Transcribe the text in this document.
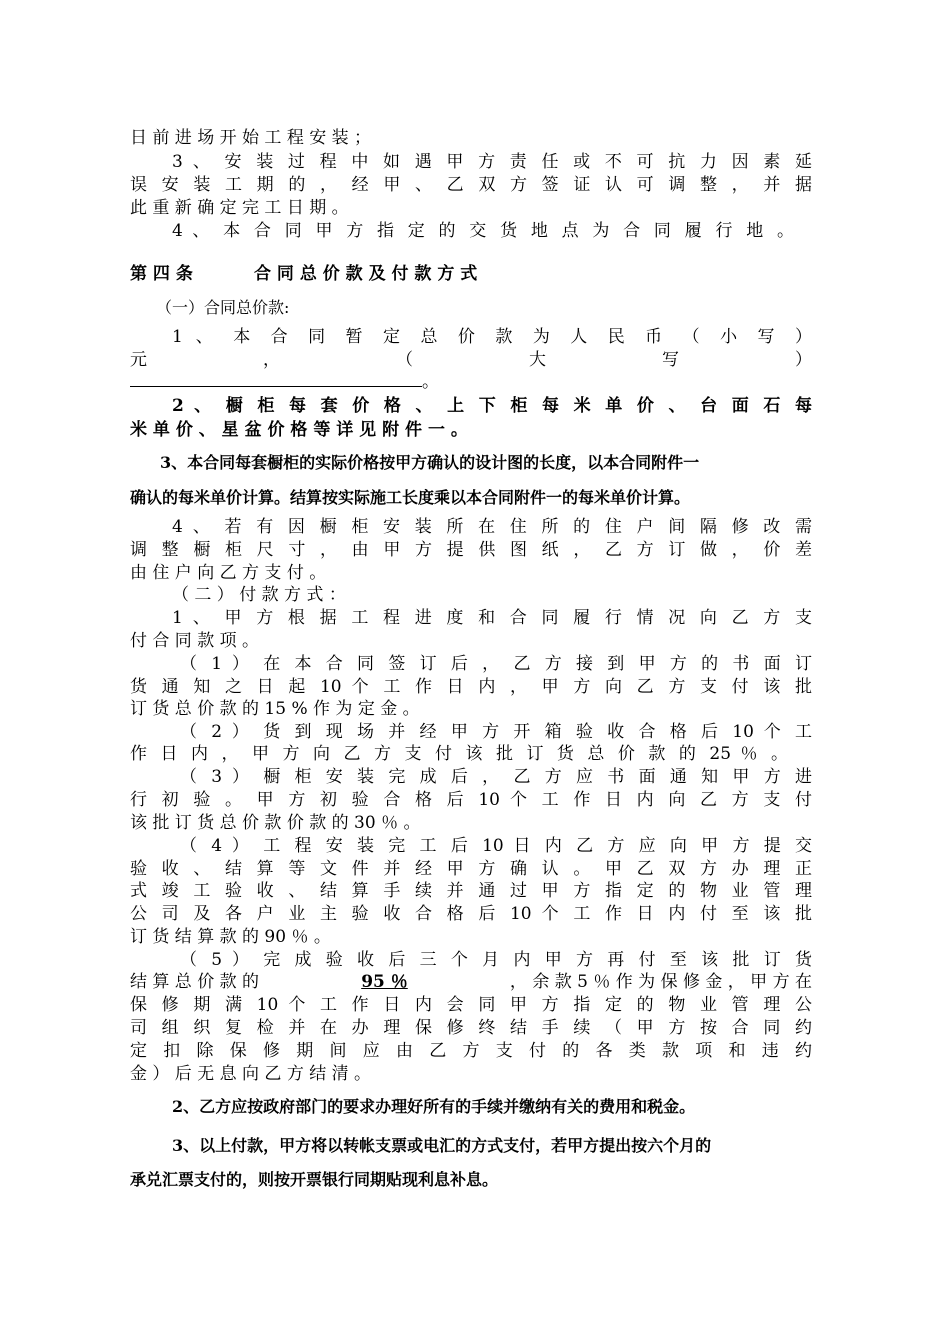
日 前 进 场 开 始 工 程 安 装 ；
3 、 安 装 过 程 中 如 遇 甲 方 责 任 或 不 可 抗 力 因 素 延
误 安 装 工 期 的 ， 经 甲 、 乙 双 方 签 证 认 可 调 整 ， 并 据
此 重 新 确 定 完 工 日 期 。
4 、 本 合 同 甲 方 指 定 的 交 货 地 点 为 合 同 履 行 地 。
第 四 条	合 同 总 价 款 及 付 款 方 式
（一）合同总价款:
1 、 本 合 同 暂 定 总 价 款 为 人 民 币 （ 小 写 ）
元 ， （ 大 写 ）
。
2 、 橱 柜 每 套 价 格 、 上 下 柜 每 米 单 价 、 台 面 石 每
米 单 价 、 星 盆 价 格 等 详 见 附 件 一 。
3、本合同每套橱柜的实际价格按甲方确认的设计图的长度，以本合同附件一
确认的每米单价计算。结算按实际施工长度乘以本合同附件一的每米单价计算。
4 、 若 有 因 橱 柜 安 装 所 在 住 所 的 住 户 间 隔 修 改 需
调 整 橱 柜 尺 寸 ， 由 甲 方 提 供 图 纸 ， 乙 方 订 做 ， 价 差
由 住 户 向 乙 方 支 付 。
（ 二 ） 付 款 方 式 ：
1 、 甲 方 根 据 工 程 进 度 和 合 同 履 行 情 况 向 乙 方 支
付 合 同 款 项 。
（ 1 ） 在 本 合 同 签 订 后 ， 乙 方 接 到 甲 方 的 书 面 订
货 通 知 之 日 起 10 个 工 作 日 内 ， 甲 方 向 乙 方 支 付 该 批
订 货 总 价 款 的 15 % 作 为 定 金 。
（ 2 ） 货 到 现 场 并 经 甲 方 开 箱 验 收 合 格 后 10 个 工
作 日 内 ， 甲 方 向 乙 方 支 付 该 批 订 货 总 价 款 的 25 ％ 。
（ 3 ） 橱 柜 安 装 完 成 后 ， 乙 方 应 书 面 通 知 甲 方 进
行 初 验 。 甲 方 初 验 合 格 后 10 个 工 作 日 内 向 乙 方 支 付
该 批 订 货 总 价 款 价 款 的 30 ％ 。
（ 4 ） 工 程 安 装 完 工 后 10 日 内 乙 方 应 向 甲 方 提 交
验 收 、 结 算 等 文 件 并 经 甲 方 确 认 。 甲 乙 双 方 办 理 正
式 竣 工 验 收 、 结 算 手 续 并 通 过 甲 方 指 定 的 物 业 管 理
公 司 及 各 户 业 主 验 收 合 格 后 10 个 工 作 日 内 付 至 该 批
订 货 结 算 款 的 90 ％ 。
（ 5 ） 完 成 验 收 后 三 个 月 内 甲 方 再 付 至 该 批 订 货
结 算 总 价 款 的	95 ％	， 余 款 5 ％ 作 为 保 修 金 ， 甲 方 在
保 修 期 满 10 个 工 作 日 内 会 同 甲 方 指 定 的 物 业 管 理 公
司 组 织 复 检 并 在 办 理 保 修 终 结 手 续 （ 甲 方 按 合 同 约
定 扣 除 保 修 期 间 应 由 乙 方 支 付 的 各 类 款 项 和 违 约
金 ） 后 无 息 向 乙 方 结 清 。
2、乙方应按政府部门的要求办理好所有的手续并缴纳有关的费用和税金。
3、以上付款，甲方将以转帐支票或电汇的方式支付，若甲方提出按六个月的
承兑汇票支付的，则按开票银行同期贴现利息补息。
